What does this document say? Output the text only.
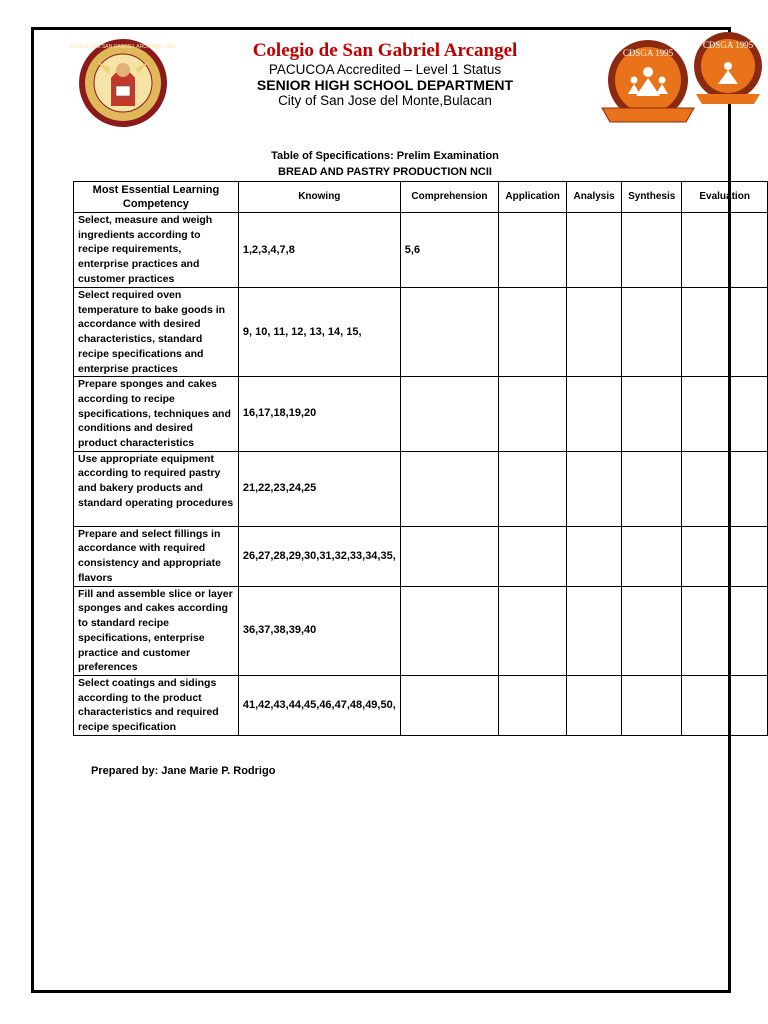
COLEGIO DE SAN GABRIEL ARCANGEL, INC.	CDSGA 1995
CDSGA 1995
Colegio de San Gabriel Arcangel
PACUCOA Accredited – Level 1 Status
SENIOR HIGH SCHOOL DEPARTMENT
City of San Jose del Monte,Bulacan
Table of Specifications: Prelim Examination
BREAD AND PASTRY PRODUCTION NCII
Most Essential Learning Competency	Knowing	Comprehension	Application	Analysis	Synthesis	Evaluation
Select, measure and weigh ingredients according to recipe requirements, enterprise practices and customer practices	1,2,3,4,7,8	5,6				
Select required oven temperature to bake goods in accordance with desired characteristics, standard recipe specifications and enterprise practices	9, 10, 11, 12, 13, 14, 15,					
Prepare sponges and cakes according to recipe specifications, techniques and conditions and desired product characteristics	16,17,18,19,20					
Use appropriate equipment according to required pastry and bakery products and standard operating procedures	21,22,23,24,25					
Prepare and select fillings in accordance with required consistency and appropriate flavors	26,27,28,29,30,31,32,33,34,35,					
Fill and assemble slice or layer sponges and cakes according to standard recipe specifications, enterprise practice and customer preferences	36,37,38,39,40					
Select coatings and sidings according to the product characteristics and required recipe specification	41,42,43,44,45,46,47,48,49,50,					
Prepared by: Jane Marie P. Rodrigo
